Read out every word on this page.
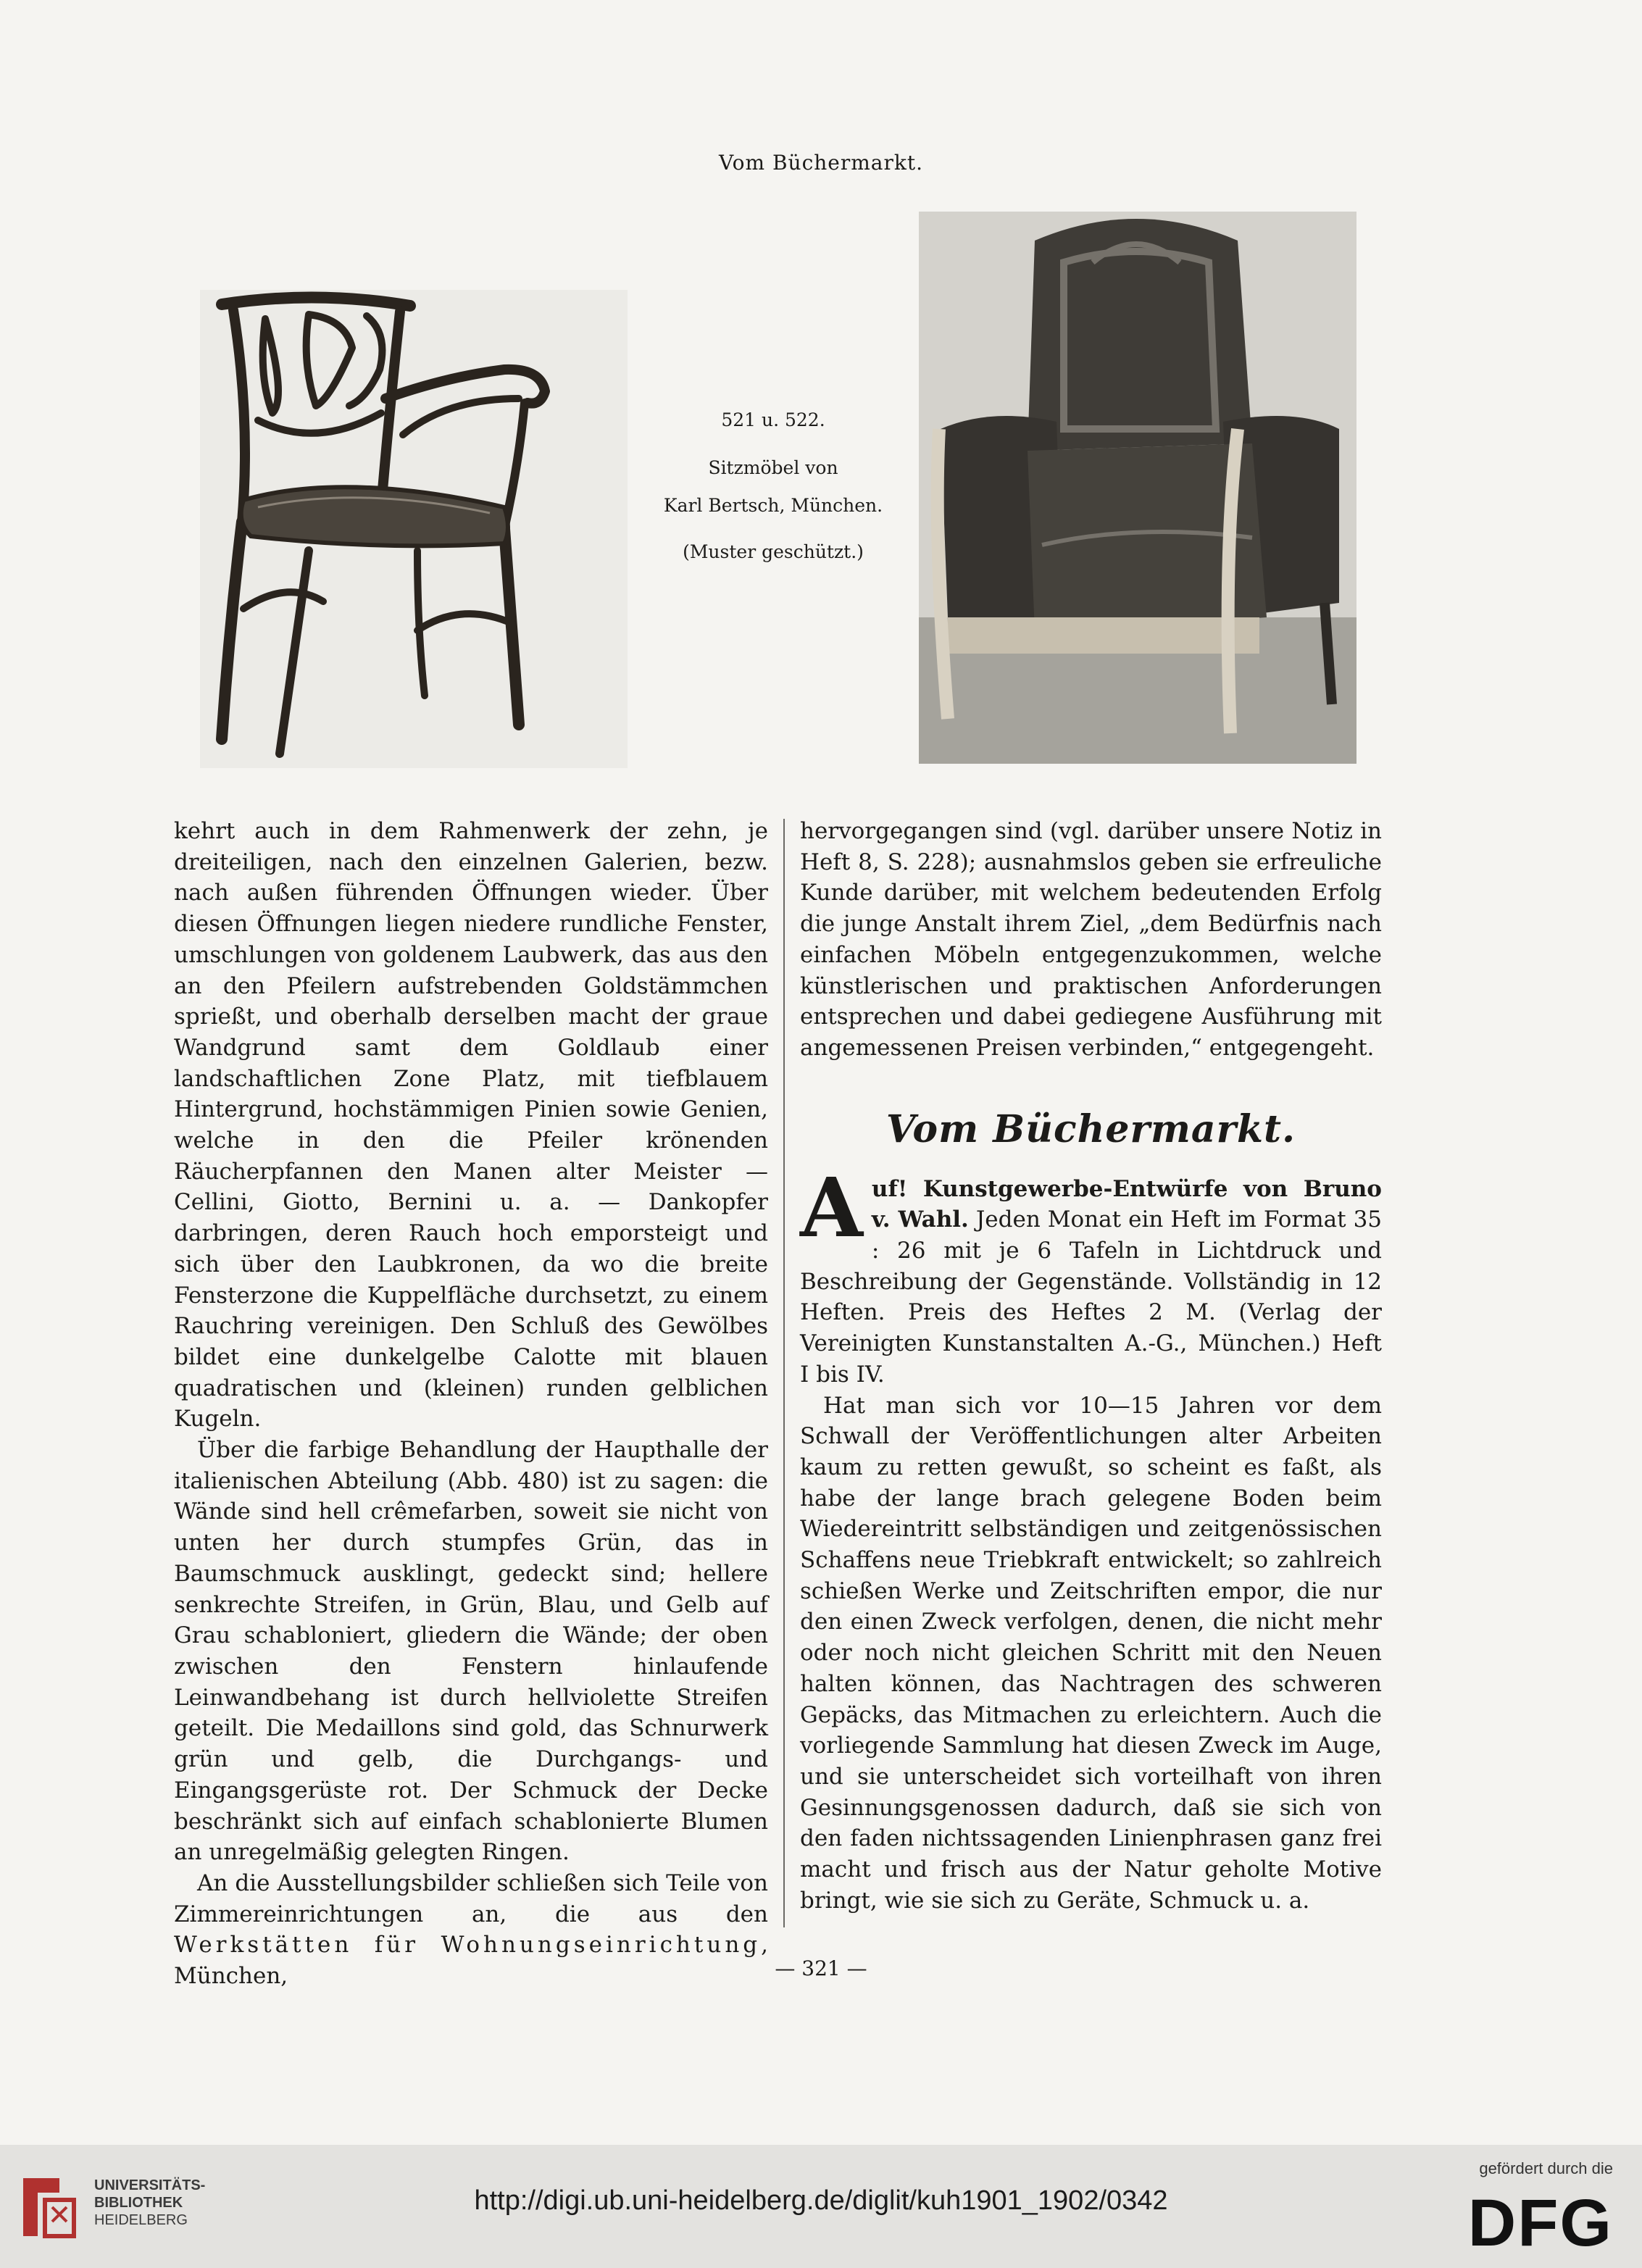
Vom Büchermarkt.
521 u. 522.
Sitzmöbel von
Karl Bertsch, München.
(Muster geschützt.)

kehrt auch in dem Rahmenwerk der zehn, je dreiteiligen, nach den einzelnen Galerien, bezw. nach außen führenden Öffnungen wieder. Über diesen Öffnungen liegen niedere rundliche Fenster, umschlungen von goldenem Laubwerk, das aus den an den Pfeilern aufstrebenden Goldstämmchen sprießt, und oberhalb derselben macht der graue Wandgrund samt dem Goldlaub einer landschaftlichen Zone Platz, mit tiefblauem Hintergrund, hochstämmigen Pinien sowie Genien, welche in den die Pfeiler krönenden Räucherpfannen den Manen alter Meister — Cellini, Giotto, Bernini u. a. — Dankopfer darbringen, deren Rauch hoch emporsteigt und sich über den Laubkronen, da wo die breite Fensterzone die Kuppelfläche durchsetzt, zu einem Rauchring vereinigen. Den Schluß des Gewölbes bildet eine dunkelgelbe Calotte mit blauen quadratischen und (kleinen) runden gelblichen Kugeln.

Über die farbige Behandlung der Haupthalle der italienischen Abteilung (Abb. 480) ist zu sagen: die Wände sind hell crêmefarben, soweit sie nicht von unten her durch stumpfes Grün, das in Baumschmuck ausklingt, gedeckt sind; hellere senkrechte Streifen, in Grün, Blau, und Gelb auf Grau schabloniert, gliedern die Wände; der oben zwischen den Fenstern hinlaufende Leinwandbehang ist durch hellviolette Streifen geteilt. Die Medaillons sind gold, das Schnurwerk grün und gelb, die Durchgangs- und Eingangsgerüste rot. Der Schmuck der Decke beschränkt sich auf einfach schablonierte Blumen an unregelmäßig gelegten Ringen.

An die Ausstellungsbilder schließen sich Teile von Zimmereinrichtungen an, die aus den Werkstätten für Wohnungseinrichtung, München,

hervorgegangen sind (vgl. darüber unsere Notiz in Heft 8, S. 228); ausnahmslos geben sie erfreuliche Kunde darüber, mit welchem bedeutenden Erfolg die junge Anstalt ihrem Ziel, „dem Bedürfnis nach einfachen Möbeln entgegenzukommen, welche künstlerischen und praktischen Anforderungen entsprechen und dabei gediegene Ausführung mit angemessenen Preisen verbinden,“ entgegengeht.

Vom Büchermarkt.

Auf! Kunstgewerbe-Entwürfe von Bruno v. Wahl. Jeden Monat ein Heft im Format 35 : 26 mit je 6 Tafeln in Lichtdruck und Beschreibung der Gegenstände. Vollständig in 12 Heften. Preis des Heftes 2 M. (Verlag der Vereinigten Kunstanstalten A.-G., München.) Heft I bis IV.

Hat man sich vor 10—15 Jahren vor dem Schwall der Veröffentlichungen alter Arbeiten kaum zu retten gewußt, so scheint es faßt, als habe der lange brach gelegene Boden beim Wiedereintritt selbständigen und zeitgenössischen Schaffens neue Triebkraft entwickelt; so zahlreich schießen Werke und Zeitschriften empor, die nur den einen Zweck verfolgen, denen, die nicht mehr oder noch nicht gleichen Schritt mit den Neuen halten können, das Nachtragen des schweren Gepäcks, das Mitmachen zu erleichtern. Auch die vorliegende Sammlung hat diesen Zweck im Auge, und sie unterscheidet sich vorteilhaft von ihren Gesinnungsgenossen dadurch, daß sie sich von den faden nichtssagenden Linienphrasen ganz frei macht und frisch aus der Natur geholte Motive bringt, wie sie sich zu Geräte, Schmuck u. a.

— 321 —
UNIVERSITÄTS-
BIBLIOTHEK
HEIDELBERG
http://digi.ub.uni-heidelberg.de/diglit/kuh1901_1902/0342
gefördert durch die
DFG
